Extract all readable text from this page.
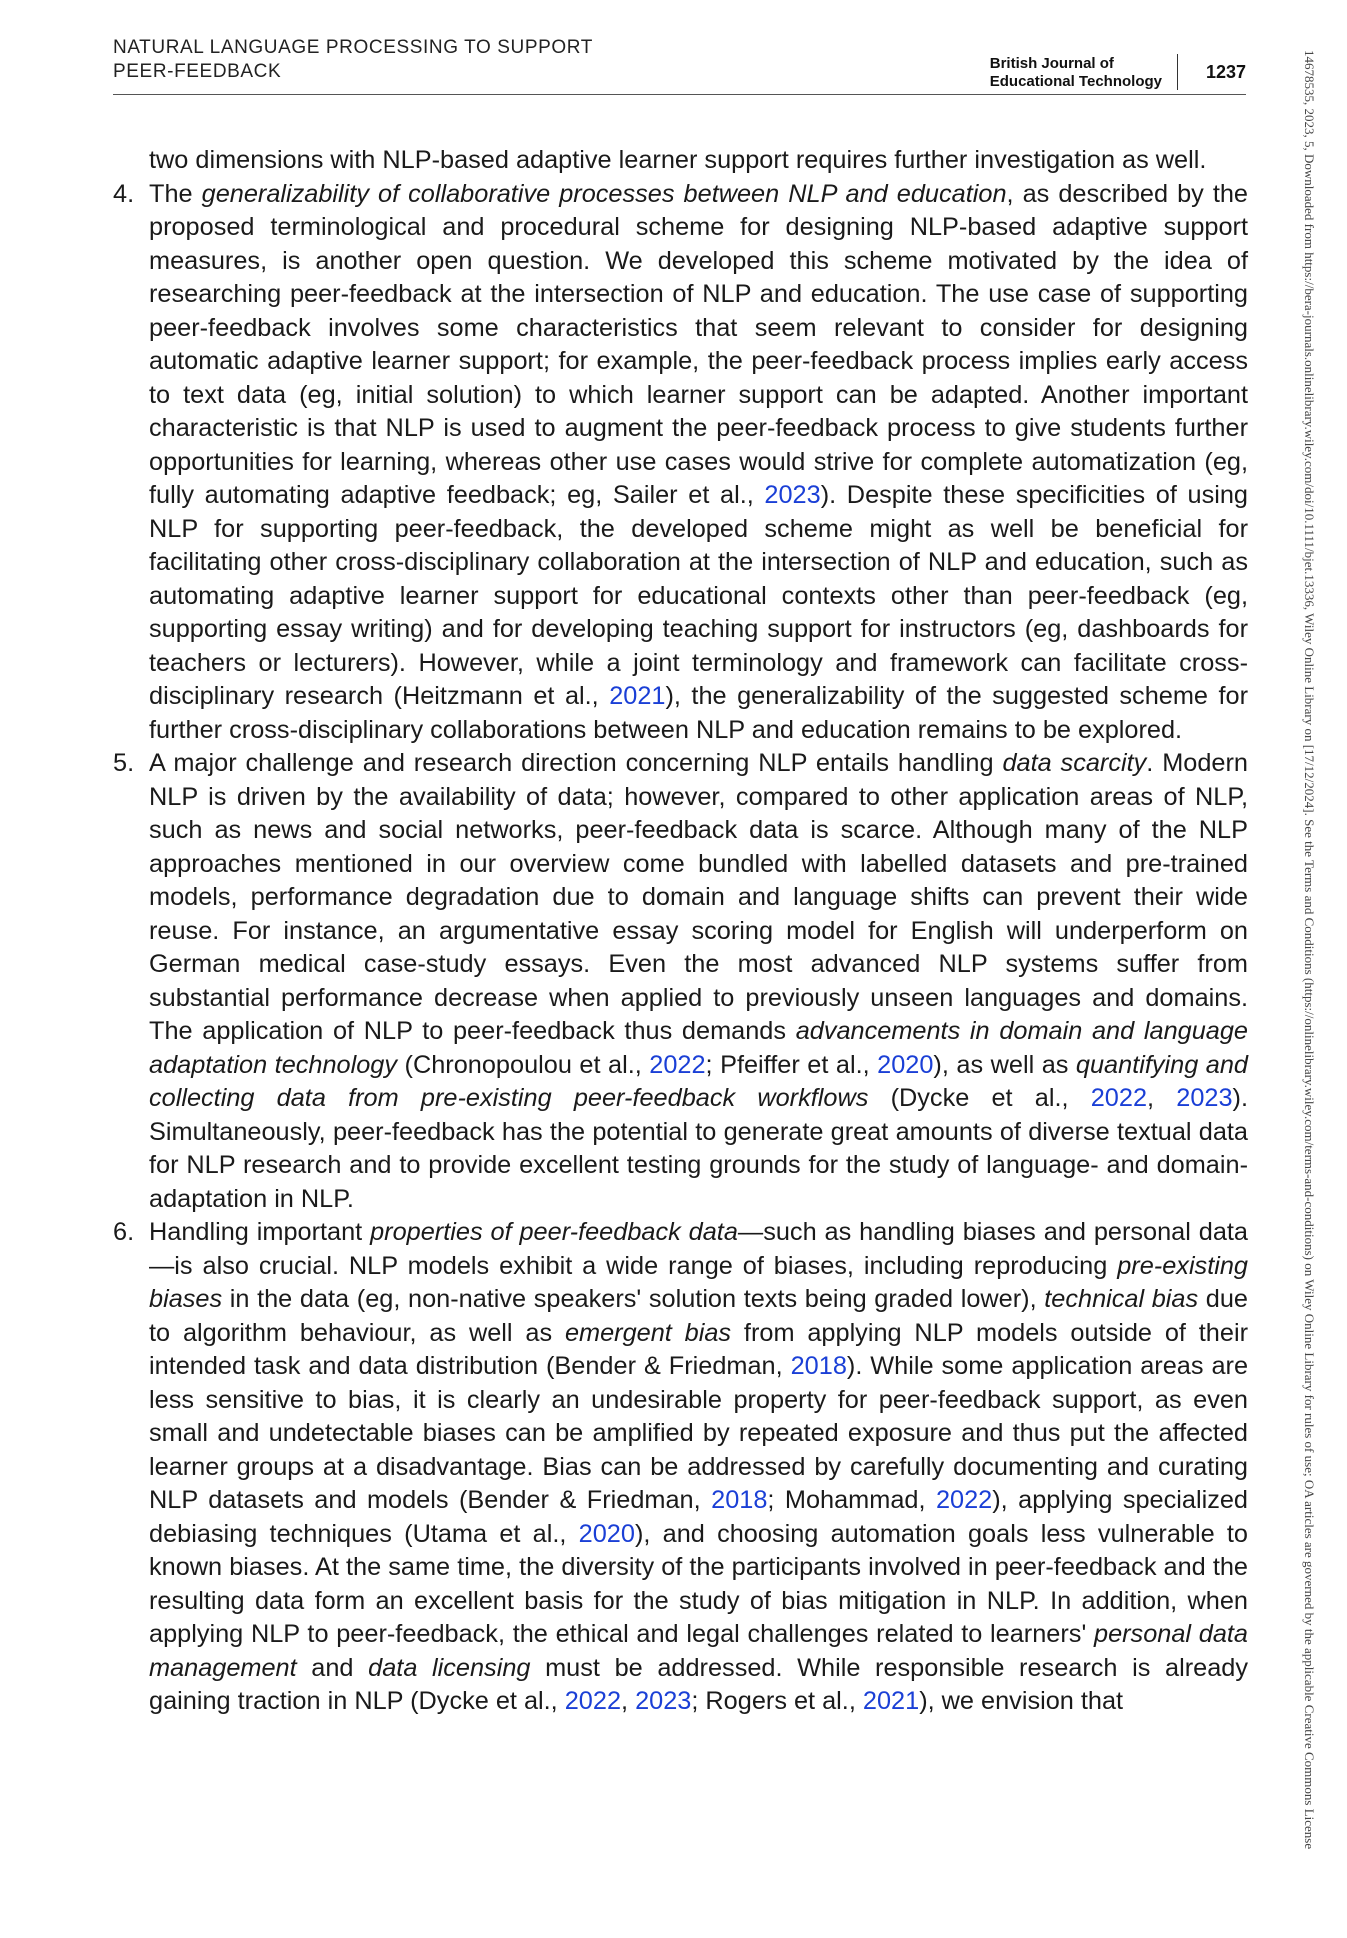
NATURAL LANGUAGE PROCESSING TO SUPPORT
PEER-FEEDBACK	British Journal of
Educational Technology 1237	14678535, 2023, 5, Downloaded from https://bera-journals.onlinelibrary.wiley.com/doi/10.1111/bjet.13336, Wiley Online Library on [17/12/2024]. See the Terms and Conditions (https://onlinelibrary.wiley.com/terms-and-conditions) on Wiley Online Library for rules of use; OA articles are governed by the applicable Creative Commons License

two dimensions with NLP-based adaptive learner support requires further investigation as well.

4. The generalizability of collaborative processes between NLP and education, as described by the proposed terminological and procedural scheme for designing NLP-based adaptive support measures, is another open question. We developed this scheme motivated by the idea of researching peer-feedback at the intersection of NLP and education. The use case of supporting peer-feedback involves some characteristics that seem relevant to consider for designing automatic adaptive learner support; for example, the peer-feedback process implies early access to text data (eg, initial solution) to which learner support can be adapted. Another important characteristic is that NLP is used to augment the peer-feedback process to give students further opportunities for learning, whereas other use cases would strive for complete automatization (eg, fully automating adaptive feedback; eg, Sailer et al., 2023). Despite these specificities of using NLP for supporting peer-feedback, the developed scheme might as well be beneficial for facilitating other cross-disciplinary collaboration at the intersection of NLP and education, such as automating adaptive learner support for educational contexts other than peer-feedback (eg, supporting essay writing) and for developing teaching support for instructors (eg, dashboards for teachers or lecturers). However, while a joint terminology and framework can facilitate cross-disciplinary research (Heitzmann et al., 2021), the generalizability of the suggested scheme for further cross-disciplinary collaborations between NLP and education remains to be explored.

5. A major challenge and research direction concerning NLP entails handling data scarcity. Modern NLP is driven by the availability of data; however, compared to other application areas of NLP, such as news and social networks, peer-feedback data is scarce. Although many of the NLP approaches mentioned in our overview come bundled with labelled datasets and pre-trained models, performance degradation due to domain and language shifts can prevent their wide reuse. For instance, an argumentative essay scoring model for English will underperform on German medical case-study essays. Even the most advanced NLP systems suffer from substantial performance decrease when applied to previously unseen languages and domains. The application of NLP to peer-feedback thus demands advancements in domain and language adaptation technology (Chronopoulou et al., 2022; Pfeiffer et al., 2020), as well as quantifying and collecting data from pre-existing peer-feedback workflows (Dycke et al., 2022, 2023). Simultaneously, peer-feedback has the potential to generate great amounts of diverse textual data for NLP research and to provide excellent testing grounds for the study of language- and domain-adaptation in NLP.

6. Handling important properties of peer-feedback data—such as handling biases and personal data—is also crucial. NLP models exhibit a wide range of biases, including reproducing pre-existing biases in the data (eg, non-native speakers' solution texts being graded lower), technical bias due to algorithm behaviour, as well as emergent bias from applying NLP models outside of their intended task and data distribution (Bender & Friedman, 2018). While some application areas are less sensitive to bias, it is clearly an undesirable property for peer-feedback support, as even small and undetectable biases can be amplified by repeated exposure and thus put the affected learner groups at a disadvantage. Bias can be addressed by carefully documenting and curating NLP datasets and models (Bender & Friedman, 2018; Mohammad, 2022), applying specialized debiasing techniques (Utama et al., 2020), and choosing automation goals less vulnerable to known biases. At the same time, the diversity of the participants involved in peer-feedback and the resulting data form an excellent basis for the study of bias mitigation in NLP. In addition, when applying NLP to peer-feedback, the ethical and legal challenges related to learners' personal data management and data licensing must be addressed. While responsible research is already gaining traction in NLP (Dycke et al., 2022, 2023; Rogers et al., 2021), we envision that
